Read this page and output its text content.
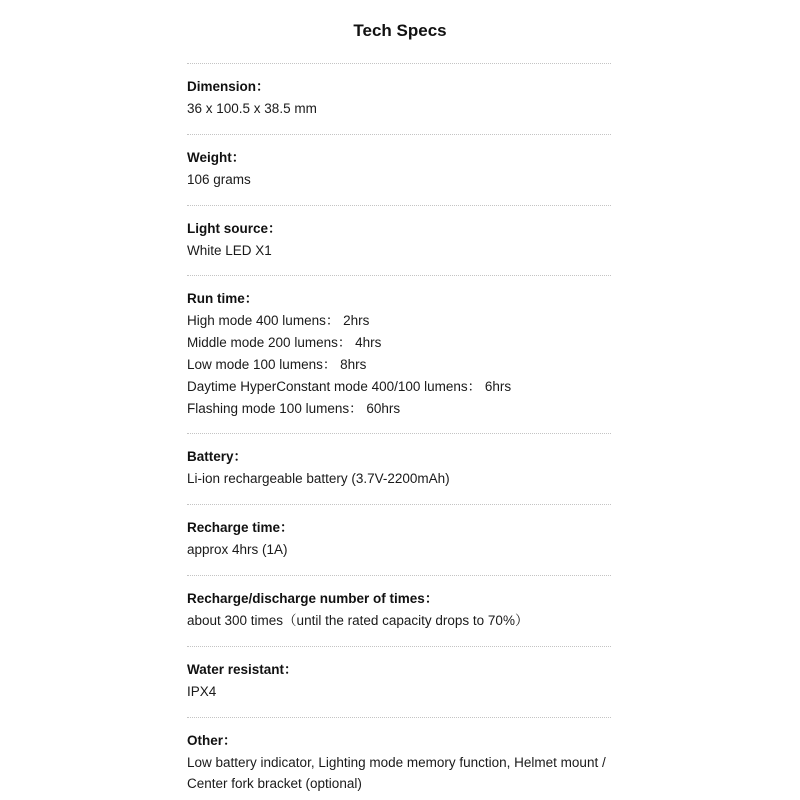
Tech Specs
Dimension：
36 x 100.5 x 38.5 mm
Weight：
106 grams
Light source：
White LED X1
Run time：
High mode 400 lumens： 2hrs
Middle mode 200 lumens： 4hrs
Low mode 100 lumens： 8hrs
Daytime HyperConstant mode 400/100 lumens： 6hrs
Flashing mode 100 lumens： 60hrs
Battery：
Li-ion rechargeable battery (3.7V-2200mAh)
Recharge time：
approx 4hrs (1A)
Recharge/discharge number of times：
about 300 times（until the rated capacity drops to 70%）
Water resistant：
IPX4
Other：
Low battery indicator, Lighting mode memory function, Helmet mount / Center fork bracket (optional)
